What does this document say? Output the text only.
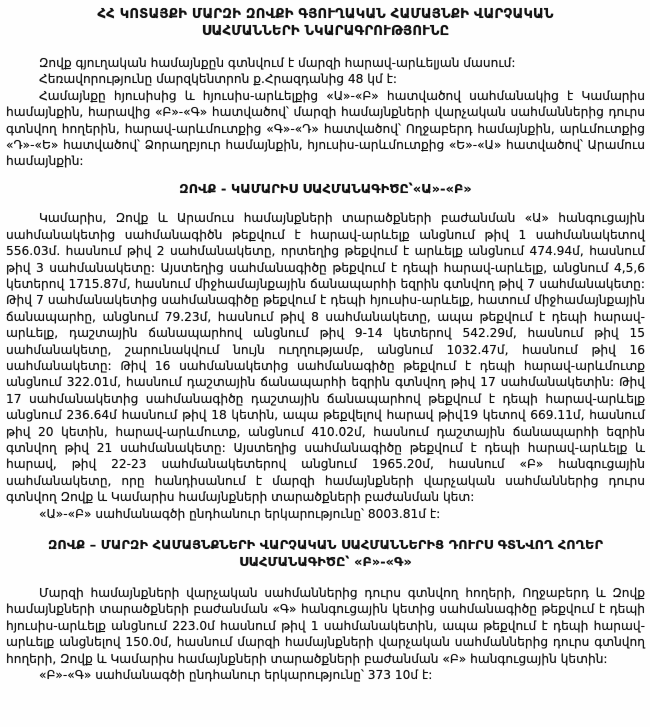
ՀՀ ԿՈՏԱՅՔԻ ՄԱՐԶԻ ԶՈՎՔԻ ԳՅՈՒՂԱԿԱՆ ՀԱՄԱՅՆՔԻ ՎԱՐՉԱԿԱՆ
ՍԱՀՄԱՆՆԵՐԻ ՆԿԱՐԱԳՐՈՒԹՅՈՒՆԸ

Զովք գյուղական համայնքըն գտնվում է մարզի հարավ-արևելյան մասում:

Հեռավորությունը մարզկենտրոն ք.Հրազդանից 48 կմ է:

Համայնքը հյուսիսից և հյուսիս-արևելքից «Ա»-«Բ» հատվածով սահմանակից է Կամարիս համայնքին, հարավից «Բ»-«Գ» հատվածով՝ մարզի համայնքների վարչական սահմաններից դուրս գտնվող հողերին, հարավ-արևմուտքից «Գ»-«Դ» հատվածով՝ Ողջաբերդ համայնքին, արևմուտքից «Դ»-«Ե» հատվածով՝ Ձորաղբյուր համայնքին, հյուսիս-արևմուտքից «Ե»-«Ա» հատվածով՝ Արամուս համայնքին:

ԶՈՎՔ - ԿԱՄԱՐԻՍ ՍԱՀՄԱՆԱԳԻԾԸ՝«Ա»-«Բ»

Կամարիս, Զովք և Արամուս համայնքների տարածքների բաժանման «Ա» հանգուցային սահմանակետից սահմանագիծն թեքվում է հարավ-արևելք անցնում թիվ 1 սահմանակետով 556.03մ. հասնում թիվ 2 սահմանակետը, որտեղից թեքվում է արևելք անցնում 474.94մ, հասնում թիվ 3 սահմանակետը: Այստեղից սահմանագիծը թեքվում է դեպի հարավ-արևելք, անցնում 4,5,6 կետերով 1715.87մ, հասնում միջհամայնքային ճանապարհի եզրին գտնվող թիվ 7 սահմանակետը: Թիվ 7 սահմանակետից սահմանագիծը թեքվում է դեպի հյուսիս-արևելք, հատում միջհամայնքային ճանապարհը, անցնում 79.23մ, հասնում թիվ 8 սահմանակետը, ապա թեքվում է դեպի հարավ-արևելք, դաշտային ճանապարհով անցնում թիվ 9-14 կետերով 542.29մ, հասնում թիվ 15 սահմանակետը, շարունակվում նույն ուղղությամբ, անցնում 1032.47մ, հասնում թիվ 16 սահմանակետը: Թիվ 16 սահմանակետից սահմանագիծը թեքվում է դեպի հարավ-արևմուտք անցնում 322.01մ, հասնում դաշտային ճանապարհի եզրին գտնվող թիվ 17 սահմանակետին: Թիվ 17 սահմանակետից սահմանագիծը դաշտային ճանապարհով թեքվում է դեպի հարավ-արևելք անցնում 236.64մ հասնում թիվ 18 կետին, ապա թեքվելով հարավ թիվ19 կետով 669.11մ, հասնում թիվ 20 կետին, հարավ-արևմուտք, անցնում 410.02մ, հասնում դաշտային ճանապարհի եզրին գտնվող թիվ 21 սահմանակետը: Այստեղից սահմանագիծը թեքվում է դեպի հարավ-արևելք և հարավ, թիվ 22-23 սահմանակետերով անցնում 1965.20մ, հասնում «Բ» հանգուցային սահմանակետը, որը հանդիսանում է մարզի համայնքների վարչական սահմաններից դուրս գտնվող Զովք և Կամարիս համայնքների տարածքների բաժանման կետ:

«Ա»-«Բ» սահմանագծի ընդհանուր երկարությունը՝ 8003.81մ է:

ԶՈՎՔ – ՄԱՐԶԻ ՀԱՄԱՅՆՔՆԵՐԻ ՎԱՐՉԱԿԱՆ ՍԱՀՄԱՆՆԵՐԻՑ ԴՈՒՐՍ ԳՏՆՎՈՂ ՀՈՂԵՐ
ՍԱՀՄԱՆԱԳԻԾԸ՝ «Բ»-«Գ»

Մարզի համայնքների վարչական սահմաններից դուրս գտնվող հողերի, Ողջաբերդ և Զովք համայնքների տարածքների բաժանման «Գ» հանգուցային կետից սահմանագիծը թեքվում է դեպի հյուսիս-արևելք անցնում 223.0մ հասնում թիվ 1 սահմանակետին, ապա թեքվում է դեպի հարավ-արևելք անցնելով 150.0մ, հասնում մարզի համայնքների վարչական սահմաններից դուրս գտնվող հողերի, Զովք և Կամարիս համայնքների տարածքների բաժանման «Բ» հանգուցային կետին:

«Բ»-«Գ» սահմանագծի ընդհանուր երկարությունը՝ 373 10մ է:
